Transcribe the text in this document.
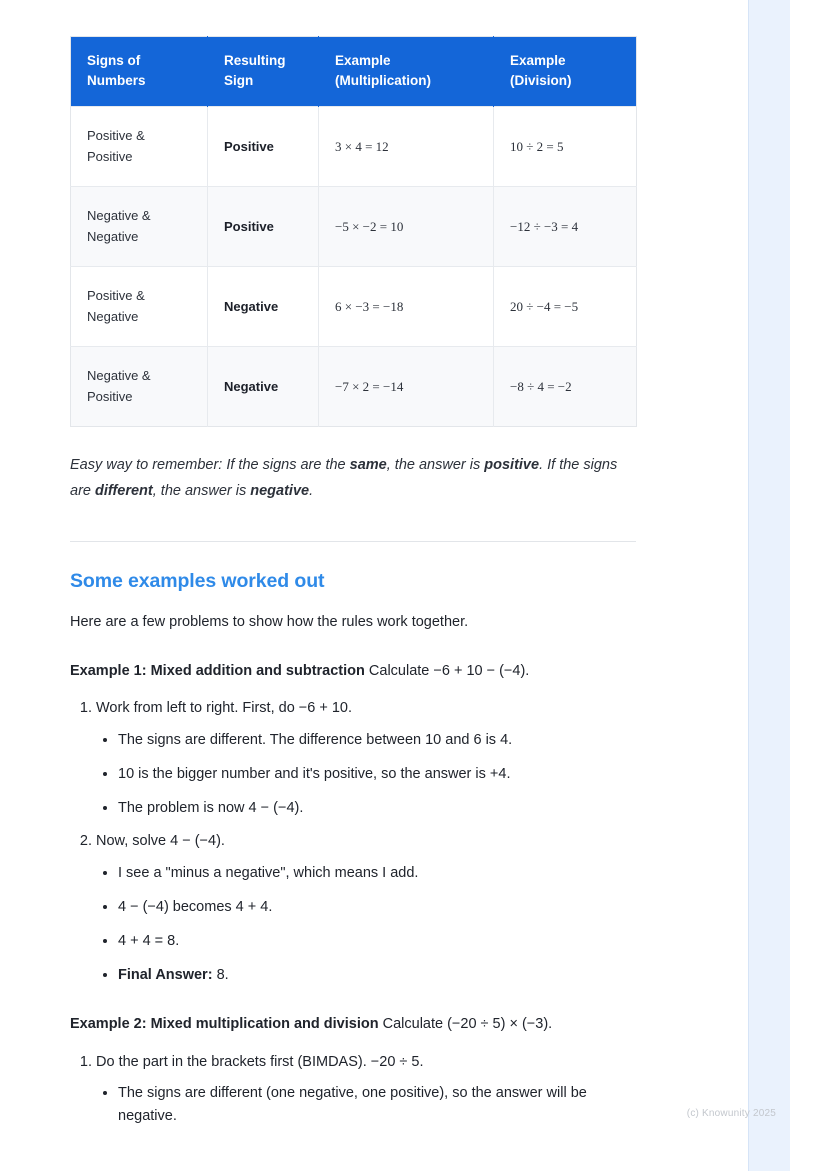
(c) Knowunity 2025
Signs of Numbers	Resulting Sign	Example (Multiplication)	Example (Division)
Positive & Positive	Positive	3 × 4 = 12	10 ÷ 2 = 5
Negative & Negative	Positive	−5 × −2 = 10	−12 ÷ −3 = 4
Positive & Negative	Negative	6 × −3 = −18	20 ÷ −4 = −5
Negative & Positive	Negative	−7 × 2 = −14	−8 ÷ 4 = −2

Easy way to remember: If the signs are the same, the answer is positive. If the signs are different, the answer is negative.

Some examples worked out

Here are a few problems to show how the rules work together.

Example 1: Mixed addition and subtraction Calculate −6 + 10 − (−4).

1. Work from left to right. First, do −6 + 10.
• The signs are different. The difference between 10 and 6 is 4.
• 10 is the bigger number and it's positive, so the answer is +4.
• The problem is now 4 − (−4).
2. Now, solve 4 − (−4).
• I see a "minus a negative", which means I add.
• 4 − (−4) becomes 4 + 4.
• 4 + 4 = 8.
• Final Answer: 8.

Example 2: Mixed multiplication and division Calculate (−20 ÷ 5) × (−3).

1. Do the part in the brackets first (BIMDAS). −20 ÷ 5.
• The signs are different (one negative, one positive), so the answer will be negative.
